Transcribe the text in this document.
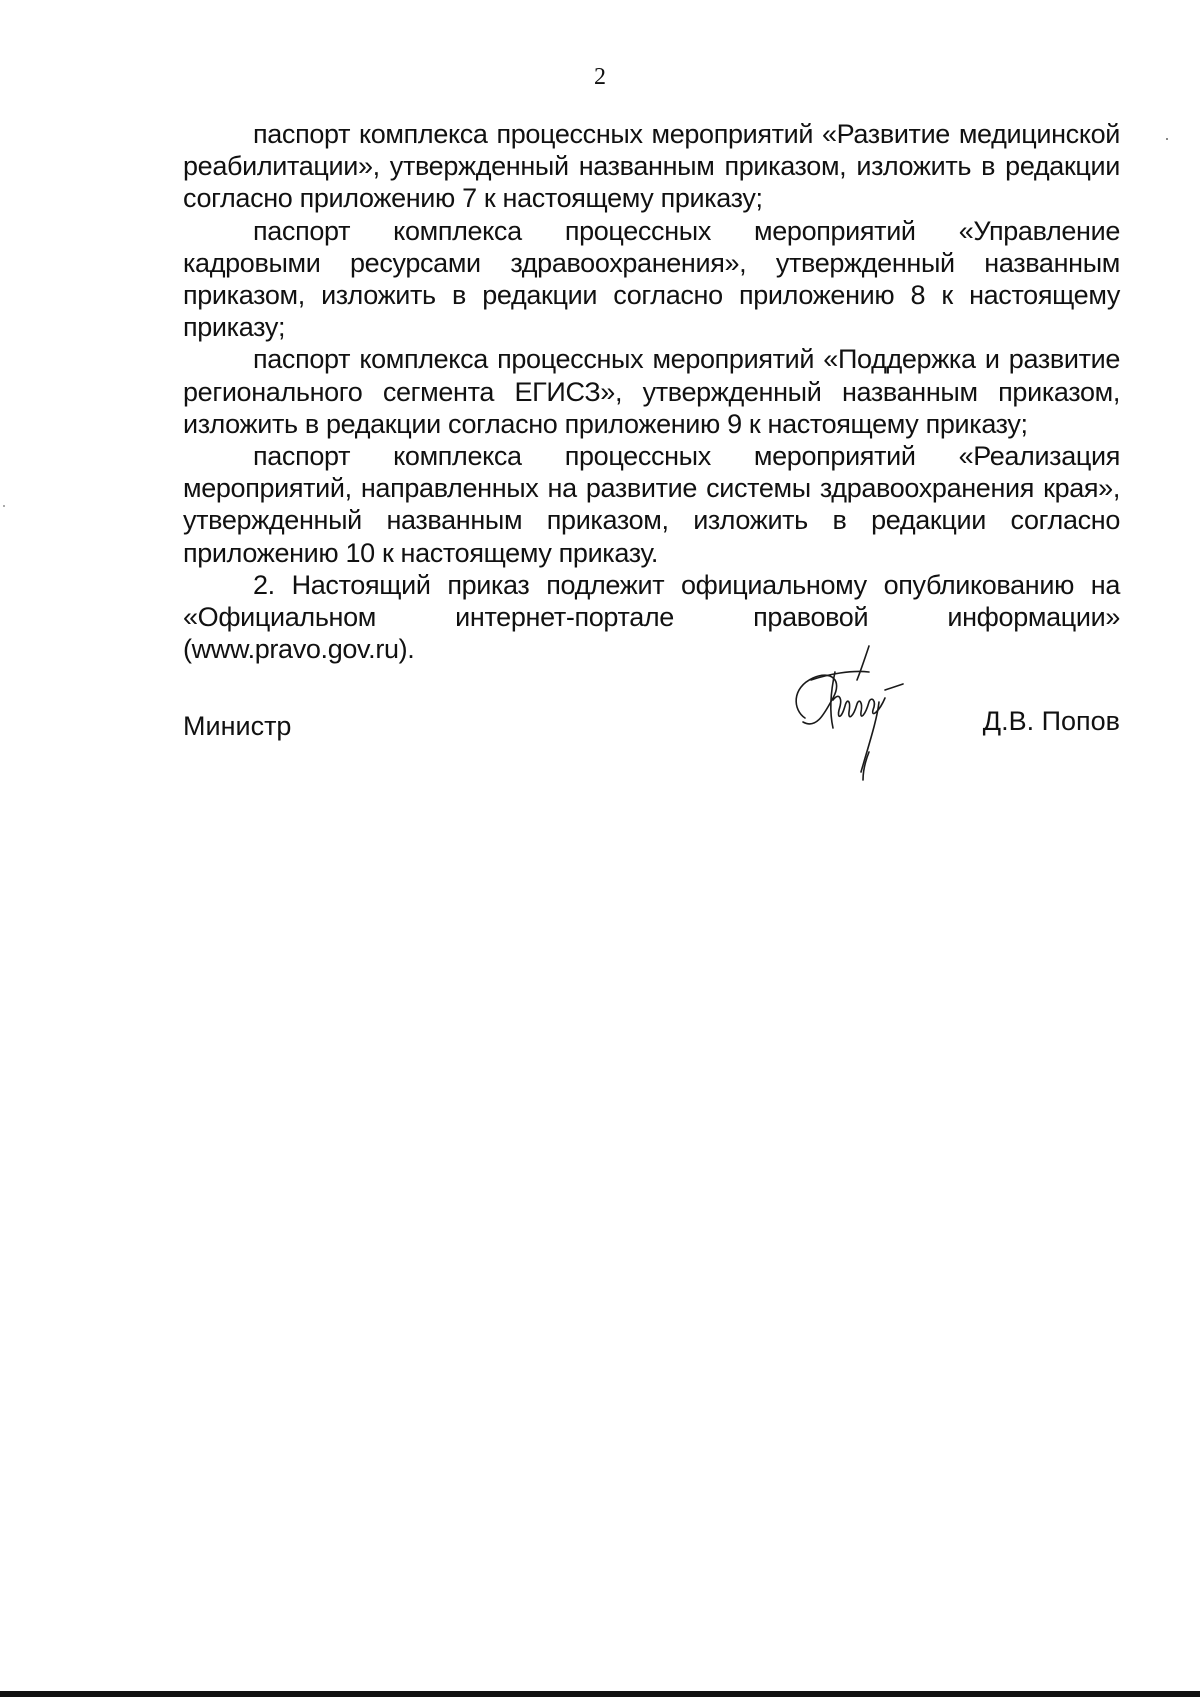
2

паспорт комплекса процессных мероприятий «Развитие медицинской реабилитации», утвержденный названным приказом, изложить в редакции согласно приложению 7 к настоящему приказу;

паспорт комплекса процессных мероприятий «Управление кадровыми ресурсами здравоохранения», утвержденный названным приказом, изложить в редакции согласно приложению 8 к настоящему приказу;

паспорт комплекса процессных мероприятий «Поддержка и развитие регионального сегмента ЕГИСЗ», утвержденный названным приказом, изложить в редакции согласно приложению 9 к настоящему приказу;

паспорт комплекса процессных мероприятий «Реализация мероприятий, направленных на развитие системы здравоохранения края», утвержденный названным приказом, изложить в редакции согласно приложению 10 к настоящему приказу.

2. Настоящий приказ подлежит официальному опубликованию на «Официальном интернет-портале правовой информации» (www.pravo.gov.ru).

Министр	Д.В. Попов
